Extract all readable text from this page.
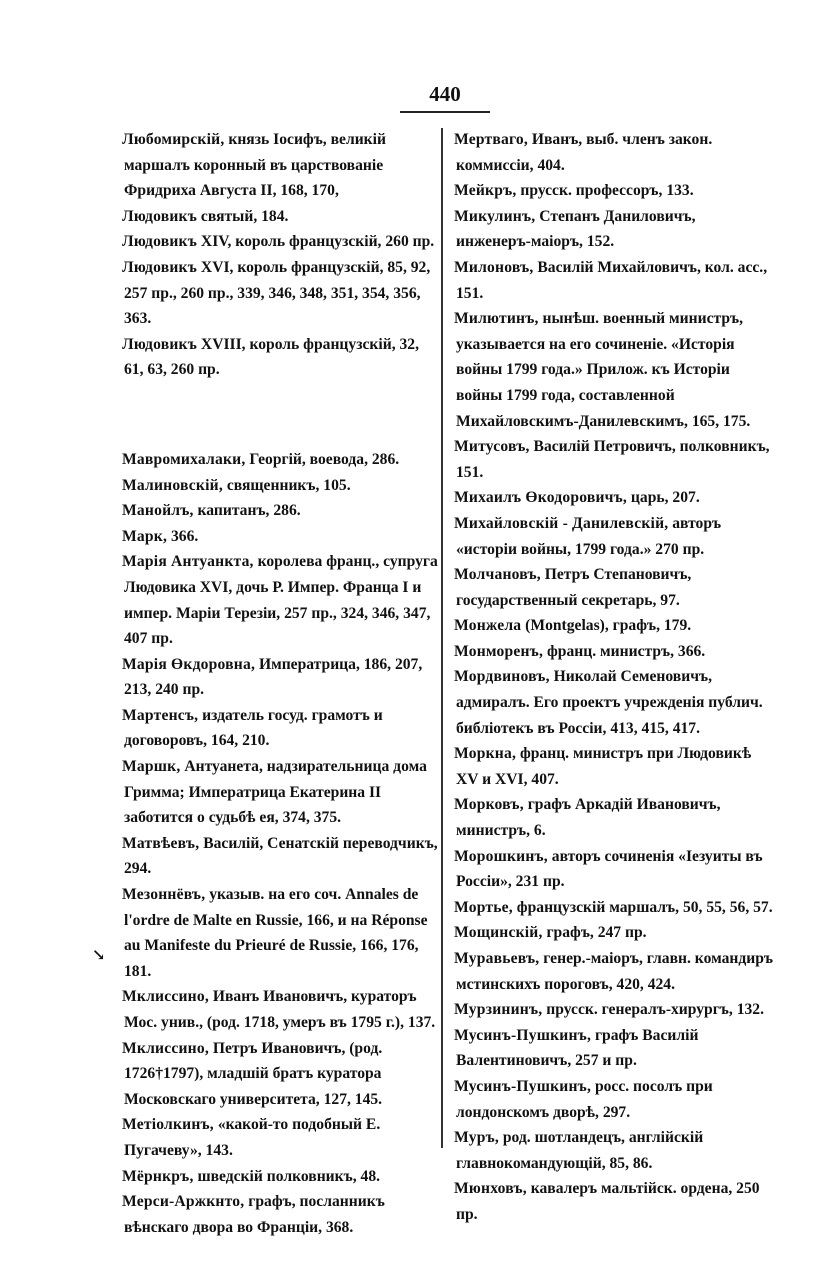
440
Любомирскій, князь Іосифъ, великій маршалъ коронный въ царствованіе Фридриха Августа II, 168, 170,
Людовикъ святый, 184.
Людовикъ XIV, король французскій, 260 пр.
Людовикъ XVI, король французскій, 85, 92, 257 пр., 260 пр., 339, 346, 348, 351, 354, 356, 363.
Людовикъ XVIII, король французскій, 32, 61, 63, 260 пр.
Мавромихалаки, Георгій, воевода, 286.
Малиновскій, священникъ, 105.
Манойлъ, капитанъ, 286.
Марк, 366.
Марія Антуанкта, королева франц., супруга Людовика XVI, дочь Р. Импер. Франца I и импер. Маріи Терезіи, 257 пр., 324, 346, 347, 407 пр.
Марія Өкдоровна, Императрица, 186, 207, 213, 240 пр.
Мартенсъ, издатель госуд. грамотъ и договоровъ, 164, 210.
Маршк, Антуанета, надзирательница дома Гримма; Императрица Екатерина II заботится о судьбѣ ея, 374, 375.
Матвѣевъ, Василій, Сенатскій переводчикъ, 294.
Мезоннёвъ, указыв. на его соч. Annales de l'ordre de Malte en Russie, 166, и на Réponse au Manifeste du Prieuré de Russie, 166, 176, 181.
Мклиссино, Иванъ Ивановичъ, кураторъ Мос. унив., (род. 1718, умеръ въ 1795 г.), 137.
Мклиссино, Петръ Ивановичъ, (род. 1726†1797), младшій братъ куратора Московскаго университета, 127, 145.
Метіолкинъ, «какой-то подобный Е. Пугачеву», 143.
Мёрнкръ, шведскій полковникъ, 48.
Мерси-Аржкнто, графъ, посланникъ вѣнскаго двора во Франціи, 368.
Мертваго, Иванъ, выб. членъ закон. коммиссіи, 404.
Мейкръ, прусск. профессоръ, 133.
Микулинъ, Степанъ Даниловичъ, инженеръ-маіоръ, 152.
Милоновъ, Василій Михайловичъ, кол. асс., 151.
Милютинъ, нынѣш. военный министръ, указывается на его сочиненіе. «Исторія войны 1799 года.» Прилож. къ Исторіи войны 1799 года, составленной Михайловскимъ-Данилевскимъ, 165, 175.
Митусовъ, Василій Петровичъ, полковникъ, 151.
Михаилъ Өкодоровичъ, царь, 207.
Михайловскій - Данилевскій, авторъ «исторіи войны, 1799 года.» 270 пр.
Молчановъ, Петръ Степановичъ, государственный секретарь, 97.
Монжела (Montgelas), графъ, 179.
Монморенъ, франц. министръ, 366.
Мордвиновъ, Николай Семеновичъ, адмиралъ. Его проектъ учрежденія публич. библіотекъ въ Россіи, 413, 415, 417.
Моркна, франц. министръ при Людовикѣ XV и XVI, 407.
Морковъ, графъ Аркадій Ивановичъ, министръ, 6.
Морошкинъ, авторъ сочиненія «Іезуиты въ Россіи», 231 пр.
Мортье, французскій маршалъ, 50, 55, 56, 57.
Мощинскій, графъ, 247 пр.
Муравьевъ, генер.-маіоръ, главн. командиръ мстинскихъ пороговъ, 420, 424.
Мурзининъ, прусск. генералъ-хирургъ, 132.
Мусинъ-Пушкинъ, графъ Василій Валентиновичъ, 257 и пр.
Мусинъ-Пушкинъ, росс. посолъ при лондонскомъ дворѣ, 297.
Муръ, род. шотландецъ, англійскій главнокомандующій, 85, 86.
Мюнховъ, кавалеръ мальтійск. ордена, 250 пр.
↘
